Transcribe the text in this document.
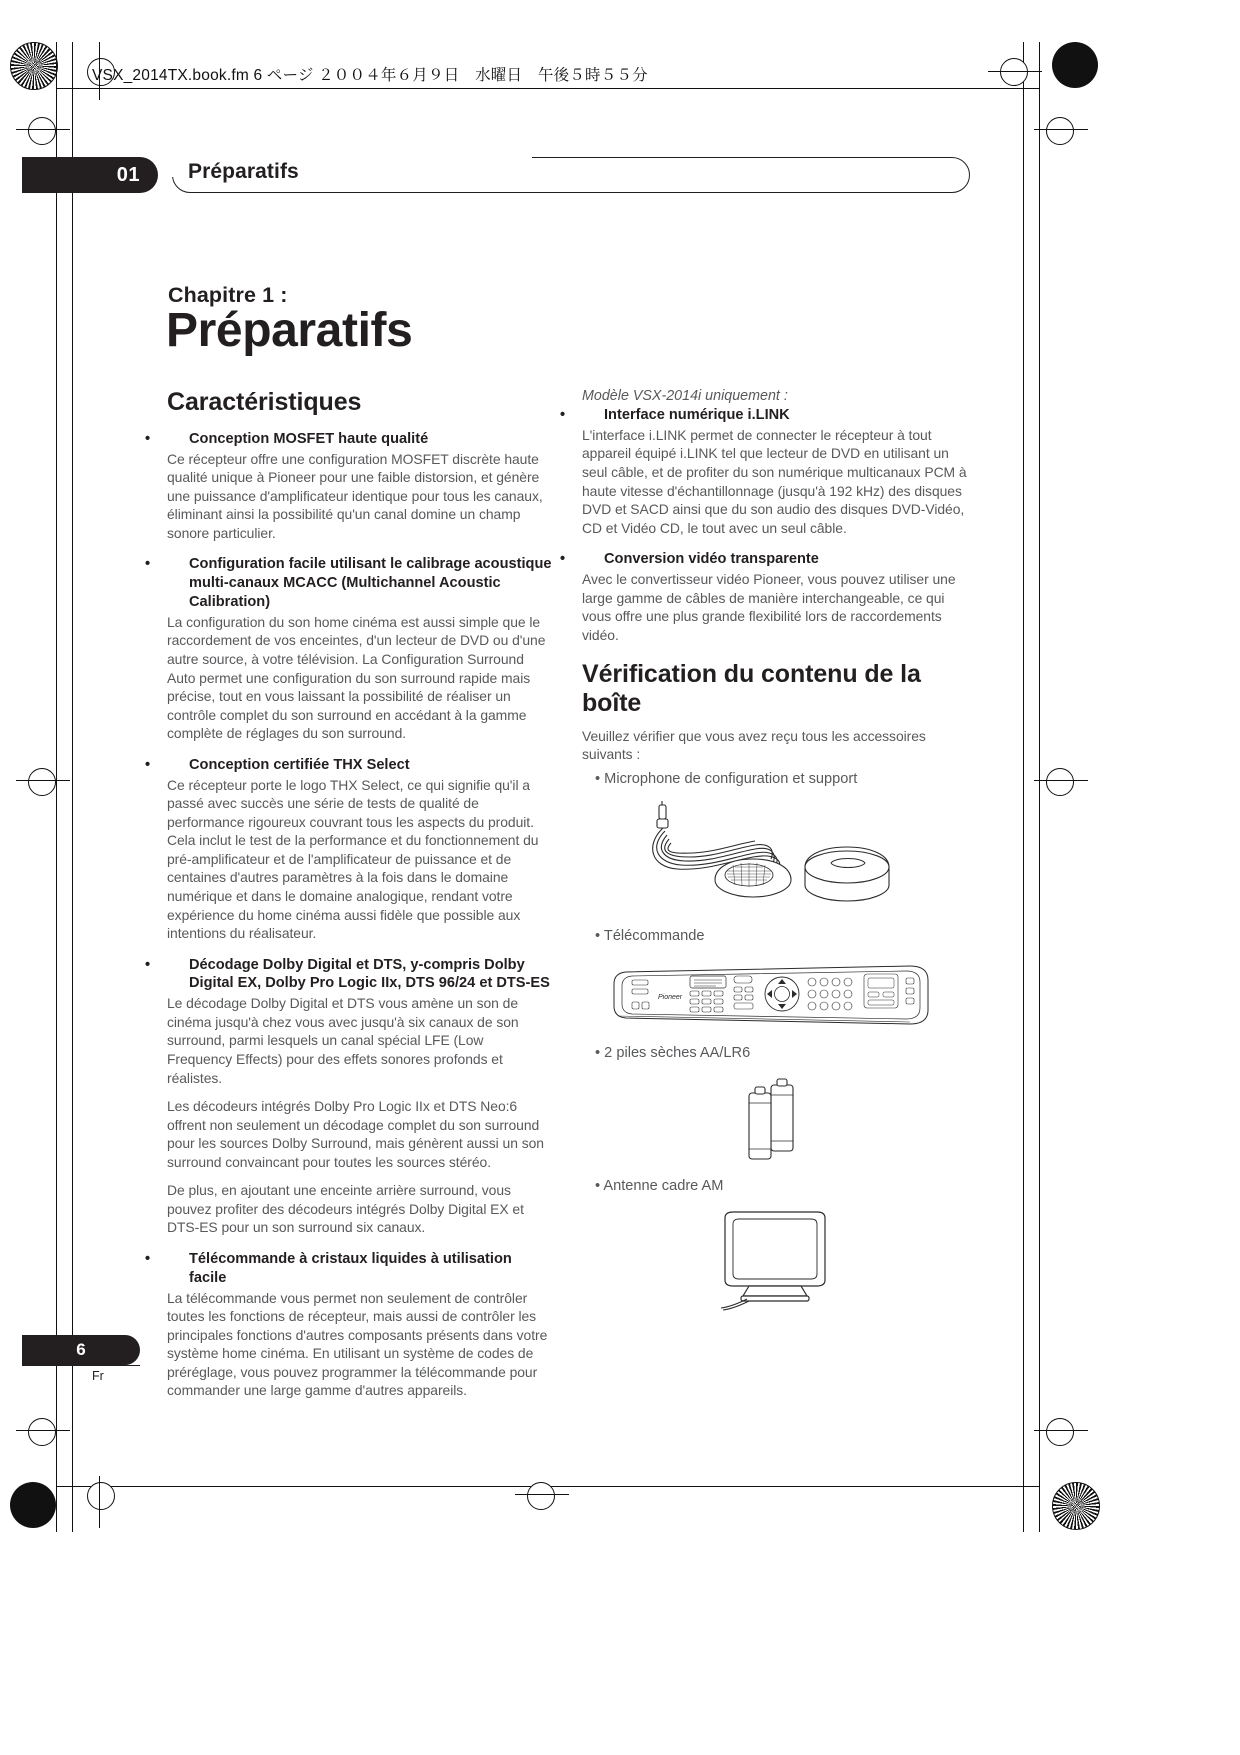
VSX_2014TX.book.fm 6 ページ ２００４年６月９日　水曜日　午後５時５５分
01	Préparatifs
Chapitre 1 :
Préparatifs
Caractéristiques
•	Conception MOSFET haute qualité

Ce récepteur offre une configuration MOSFET discrète haute qualité unique à Pioneer pour une faible distorsion, et génère une puissance d'amplificateur identique pour tous les canaux, éliminant ainsi la possibilité qu'un canal domine un champ sonore particulier.

•	Configuration facile utilisant le calibrage acoustique multi-canaux MCACC (Multichannel Acoustic Calibration)

La configuration du son home cinéma est aussi simple que le raccordement de vos enceintes, d'un lecteur de DVD ou d'une autre source, à votre télévision. La Configuration Surround Auto permet une configuration du son surround rapide mais précise, tout en vous laissant la possibilité de réaliser un contrôle complet du son surround en accédant à la gamme complète de réglages du son surround.

•	Conception certifiée THX Select

Ce récepteur porte le logo THX Select, ce qui signifie qu'il a passé avec succès une série de tests de qualité de performance rigoureux couvrant tous les aspects du produit. Cela inclut le test de la performance et du fonctionnement du pré-amplificateur et de l'amplificateur de puissance et de centaines d'autres paramètres à la fois dans le domaine numérique et dans le domaine analogique, rendant votre expérience du home cinéma aussi fidèle que possible aux intentions du réalisateur.

•	Décodage Dolby Digital et DTS, y-compris Dolby Digital EX, Dolby Pro Logic IIx, DTS 96/24 et DTS-ES

Le décodage Dolby Digital et DTS vous amène un son de cinéma jusqu'à chez vous avec jusqu'à six canaux de son surround, parmi lesquels un canal spécial LFE (Low Frequency Effects) pour des effets sonores profonds et réalistes.

Les décodeurs intégrés Dolby Pro Logic IIx et DTS Neo:6 offrent non seulement un décodage complet du son surround pour les sources Dolby Surround, mais génèrent aussi un son surround convaincant pour toutes les sources stéréo.

De plus, en ajoutant une enceinte arrière surround, vous pouvez profiter des décodeurs intégrés Dolby Digital EX et DTS-ES pour un son surround six canaux.

•	Télécommande à cristaux liquides à utilisation facile

La télécommande vous permet non seulement de contrôler toutes les fonctions de récepteur, mais aussi de contrôler les principales fonctions d'autres composants présents dans votre système home cinéma. En utilisant un système de codes de préréglage, vous pouvez programmer la télécommande pour commander une large gamme d'autres appareils.

Modèle VSX-2014i uniquement :
•	Interface numérique i.LINK

L'interface i.LINK permet de connecter le récepteur à tout appareil équipé i.LINK tel que lecteur de DVD en utilisant un seul câble, et de profiter du son numérique multicanaux PCM à haute vitesse d'échantillonnage (jusqu'à 192 kHz) des disques DVD et SACD ainsi que du son audio des disques DVD-Vidéo, CD et Vidéo CD, le tout avec un seul câble.

•	Conversion vidéo transparente

Avec le convertisseur vidéo Pioneer, vous pouvez utiliser une large gamme de câbles de manière interchangeable, ce qui vous offre une plus grande flexibilité lors de raccordements vidéo.

Vérification du contenu de la boîte

Veuillez vérifier que vous avez reçu tous les accessoires suivants :

• Microphone de configuration et support

• Télécommande

Pioneer

• 2 piles sèches AA/LR6

• Antenne cadre AM

6
Fr
